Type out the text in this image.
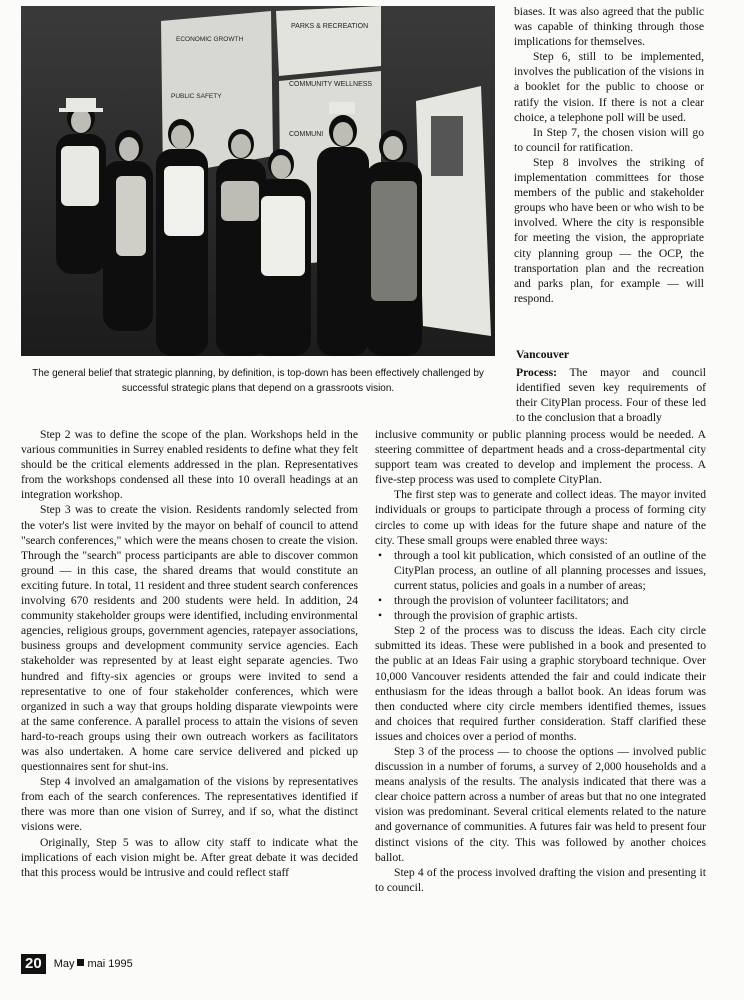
ECONOMIC GROWTH
PUBLIC SAFETY
PARKS & RECREATION
COMMUNITY WELLNESS
COMMUNI
The general belief that strategic planning, by definition, is top-down has been effectively challenged by successful strategic plans that depend on a grassroots vision.

biases. It was also agreed that the public was capable of thinking through those implications for themselves.

Step 6, still to be implemented, involves the publication of the visions in a booklet for the public to choose or ratify the vision. If there is not a clear choice, a telephone poll will be used.

In Step 7, the chosen vision will go to council for ratification.

Step 8 involves the striking of implementation committees for those members of the public and stakeholder groups who have been or who wish to be involved. Where the city is responsible for meeting the vision, the appropriate city planning group — the OCP, the transportation plan and the recreation and parks plan, for example — will respond.

Vancouver

Process: The mayor and council identified seven key requirements of their CityPlan process. Four of these led to the conclusion that a broadly

Step 2 was to define the scope of the plan. Workshops held in the various communities in Surrey enabled residents to define what they felt should be the critical elements addressed in the plan. Representatives from the workshops condensed all these into 10 overall headings at an integration workshop.

Step 3 was to create the vision. Residents randomly selected from the voter's list were invited by the mayor on behalf of council to attend "search conferences," which were the means chosen to create the vision. Through the "search" process participants are able to discover common ground — in this case, the shared dreams that would constitute an exciting future. In total, 11 resident and three student search conferences involving 670 residents and 200 students were held. In addition, 24 community stakeholder groups were identified, including environmental agencies, religious groups, government agencies, ratepayer associations, business groups and development community service agencies. Each stakeholder was represented by at least eight separate agencies. Two hundred and fifty-six agencies or groups were invited to send a representative to one of four stakeholder conferences, which were organized in such a way that groups holding disparate viewpoints were at the same conference. A parallel process to attain the visions of seven hard-to-reach groups using their own outreach workers as facilitators was also undertaken. A home care service delivered and picked up questionnaires sent for shut-ins.

Step 4 involved an amalgamation of the visions by representatives from each of the search conferences. The representatives identified if there was more than one vision of Surrey, and if so, what the distinct visions were.

Originally, Step 5 was to allow city staff to indicate what the implications of each vision might be. After great debate it was decided that this process would be intrusive and could reflect staff

inclusive community or public planning process would be needed. A steering committee of department heads and a cross-departmental city support team was created to develop and implement the process. A five-step process was used to complete CityPlan.

The first step was to generate and collect ideas. The mayor invited individuals or groups to participate through a process of forming city circles to come up with ideas for the future shape and nature of the city. These small groups were enabled three ways:

• through a tool kit publication, which consisted of an outline of the CityPlan process, an outline of all planning processes and issues, current status, policies and goals in a number of areas;
• through the provision of volunteer facilitators; and
• through the provision of graphic artists.

Step 2 of the process was to discuss the ideas. Each city circle submitted its ideas. These were published in a book and presented to the public at an Ideas Fair using a graphic storyboard technique. Over 10,000 Vancouver residents attended the fair and could indicate their enthusiasm for the ideas through a ballot book. An ideas forum was then conducted where city circle members identified themes, issues and choices that required further consideration. Staff clarified these issues and choices over a period of months.

Step 3 of the process — to choose the options — involved public discussion in a number of forums, a survey of 2,000 households and a means analysis of the results. The analysis indicated that there was a clear choice pattern across a number of areas but that no one integrated vision was predominant. Several critical elements related to the nature and governance of communities. A futures fair was held to present four distinct visions of the city. This was followed by another choices ballot.

Step 4 of the process involved drafting the vision and presenting it to council.

20	May mai 1995
